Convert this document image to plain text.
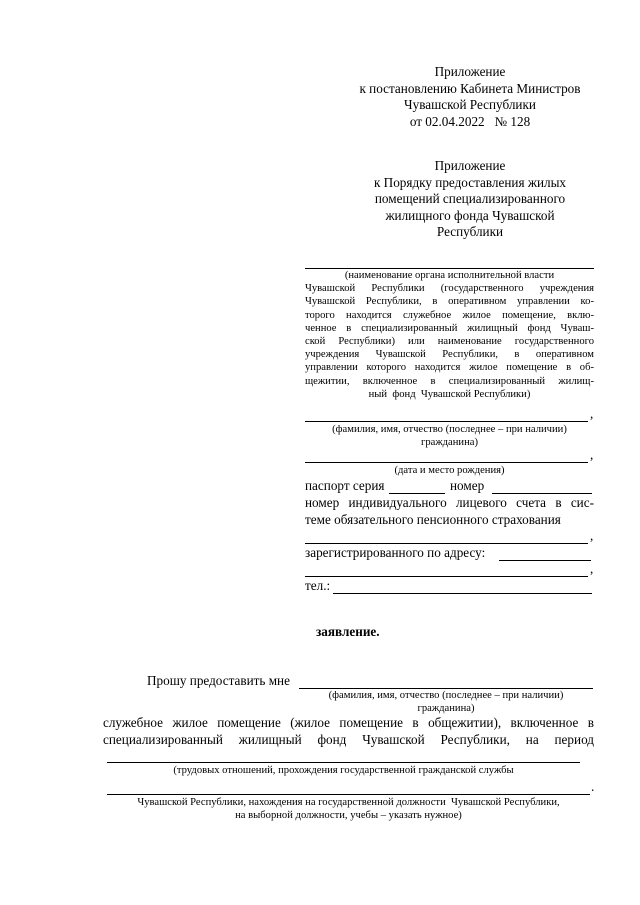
Приложение
к постановлению Кабинета Министров
Чувашской Республики
от 02.04.2022   № 128
Приложение
к Порядку предоставления жилых
помещений специализированного
жилищного фонда Чувашской
Республики
(наименование органа исполнительной власти
Чувашской Республики (государственного учреждения
Чувашской Республики, в оперативном управлении ко-
торого находится служебное жилое помещение, вклю-
ченное в специализированный жилищный фонд Чуваш-
ской Республики) или наименование государственного
учреждения  Чувашской  Республики,  в  оперативном
управлении которого находится жилое помещение в об-
щежитии, включенное в специализированный жилищ-
ный  фонд  Чувашской Республики)
,
(фамилия, имя, отчество (последнее – при наличии)
гражданина)
,
(дата и место рождения)
паспорт серия	номер
номер индивидуального лицевого счета в сис-
теме обязательного пенсионного страхования
,
зарегистрированного по адресу:
,
тел.:
заявление.
Прошу предоставить мне
(фамилия, имя, отчество (последнее – при наличии)
гражданина)
служебное жилое помещение (жилое помещение в общежитии), включенное в
специализированный  жилищный  фонд  Чувашской  Республики,  на  период
(трудовых отношений, прохождения государственной гражданской службы
.
Чувашской Республики, нахождения на государственной должности  Чувашской Республики,
на выборной должности, учебы – указать нужное)
